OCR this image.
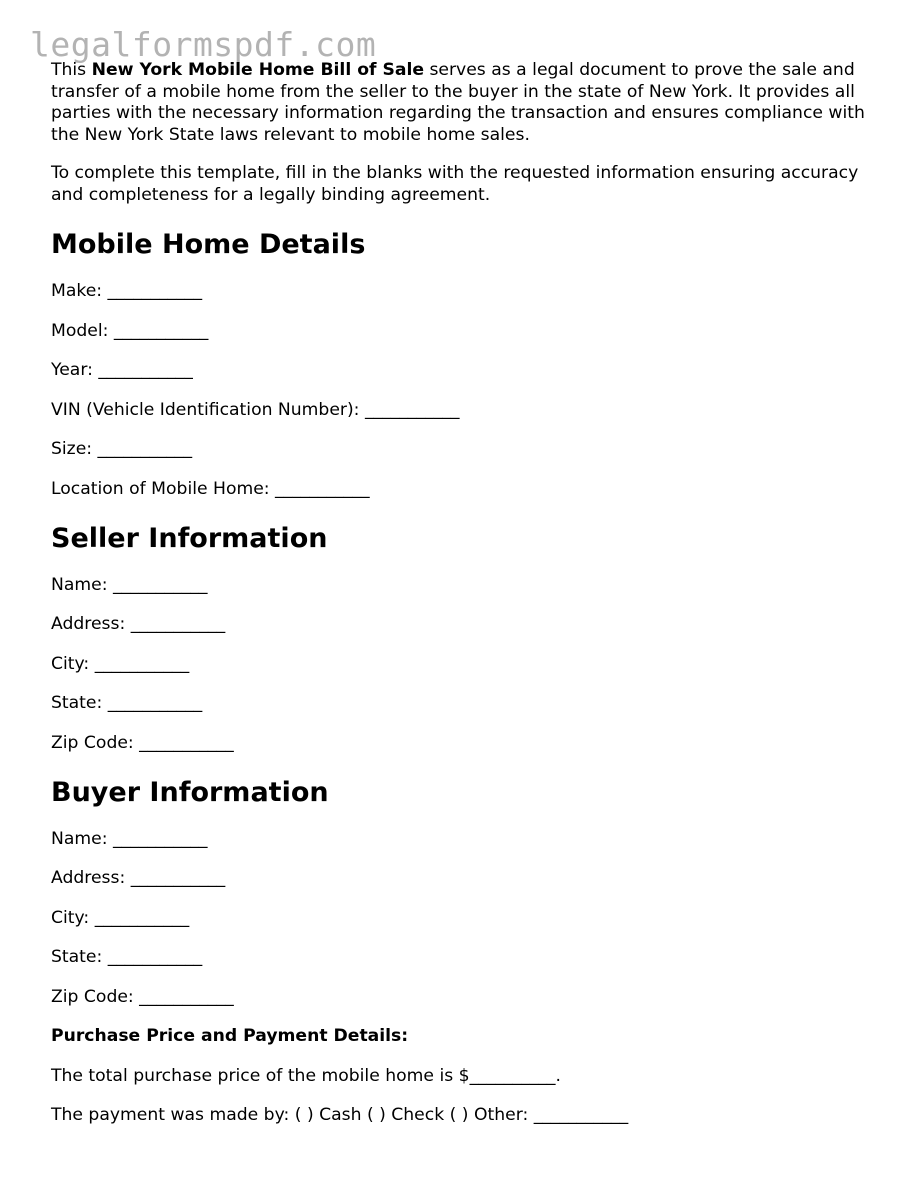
legalformspdf.com

This New York Mobile Home Bill of Sale serves as a legal document to prove the sale and transfer of a mobile home from the seller to the buyer in the state of New York. It provides all parties with the necessary information regarding the transaction and ensures compliance with the New York State laws relevant to mobile home sales.

To complete this template, fill in the blanks with the requested information ensuring accuracy and completeness for a legally binding agreement.

Mobile Home Details

Make: ___________

Model: ___________

Year: ___________

VIN (Vehicle Identification Number): ___________

Size: ___________

Location of Mobile Home: ___________

Seller Information

Name: ___________

Address: ___________

City: ___________

State: ___________

Zip Code: ___________

Buyer Information

Name: ___________

Address: ___________

City: ___________

State: ___________

Zip Code: ___________

Purchase Price and Payment Details:

The total purchase price of the mobile home is $__________.

The payment was made by: ( ) Cash ( ) Check ( ) Other: ___________
